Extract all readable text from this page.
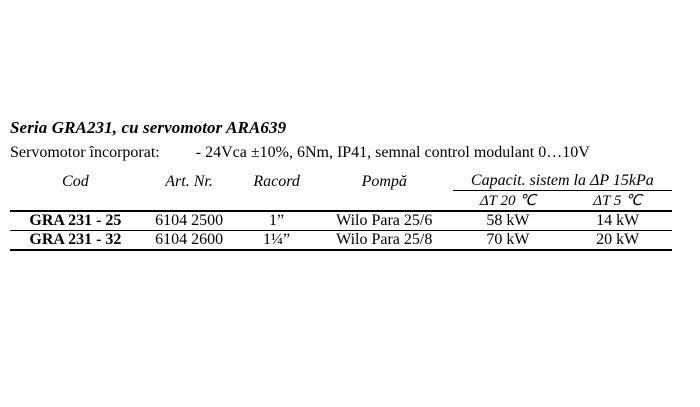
Seria GRA231, cu servomotor ARA639
Servomotor încorporat: - 24Vca ±10%, 6Nm, IP41, semnal control modulant 0…10V
Cod	Art. Nr.	Racord	Pompă	Capacit. sistem la ΔP 15kPa	
				ΔT 20 ℃	ΔT 5 ℃

GRA 231 - 25	6104 2500	1”	Wilo Para 25/6	58 kW	14 kW

GRA 231 - 32	6104 2600	1¼”	Wilo Para 25/8	70 kW	20 kW
